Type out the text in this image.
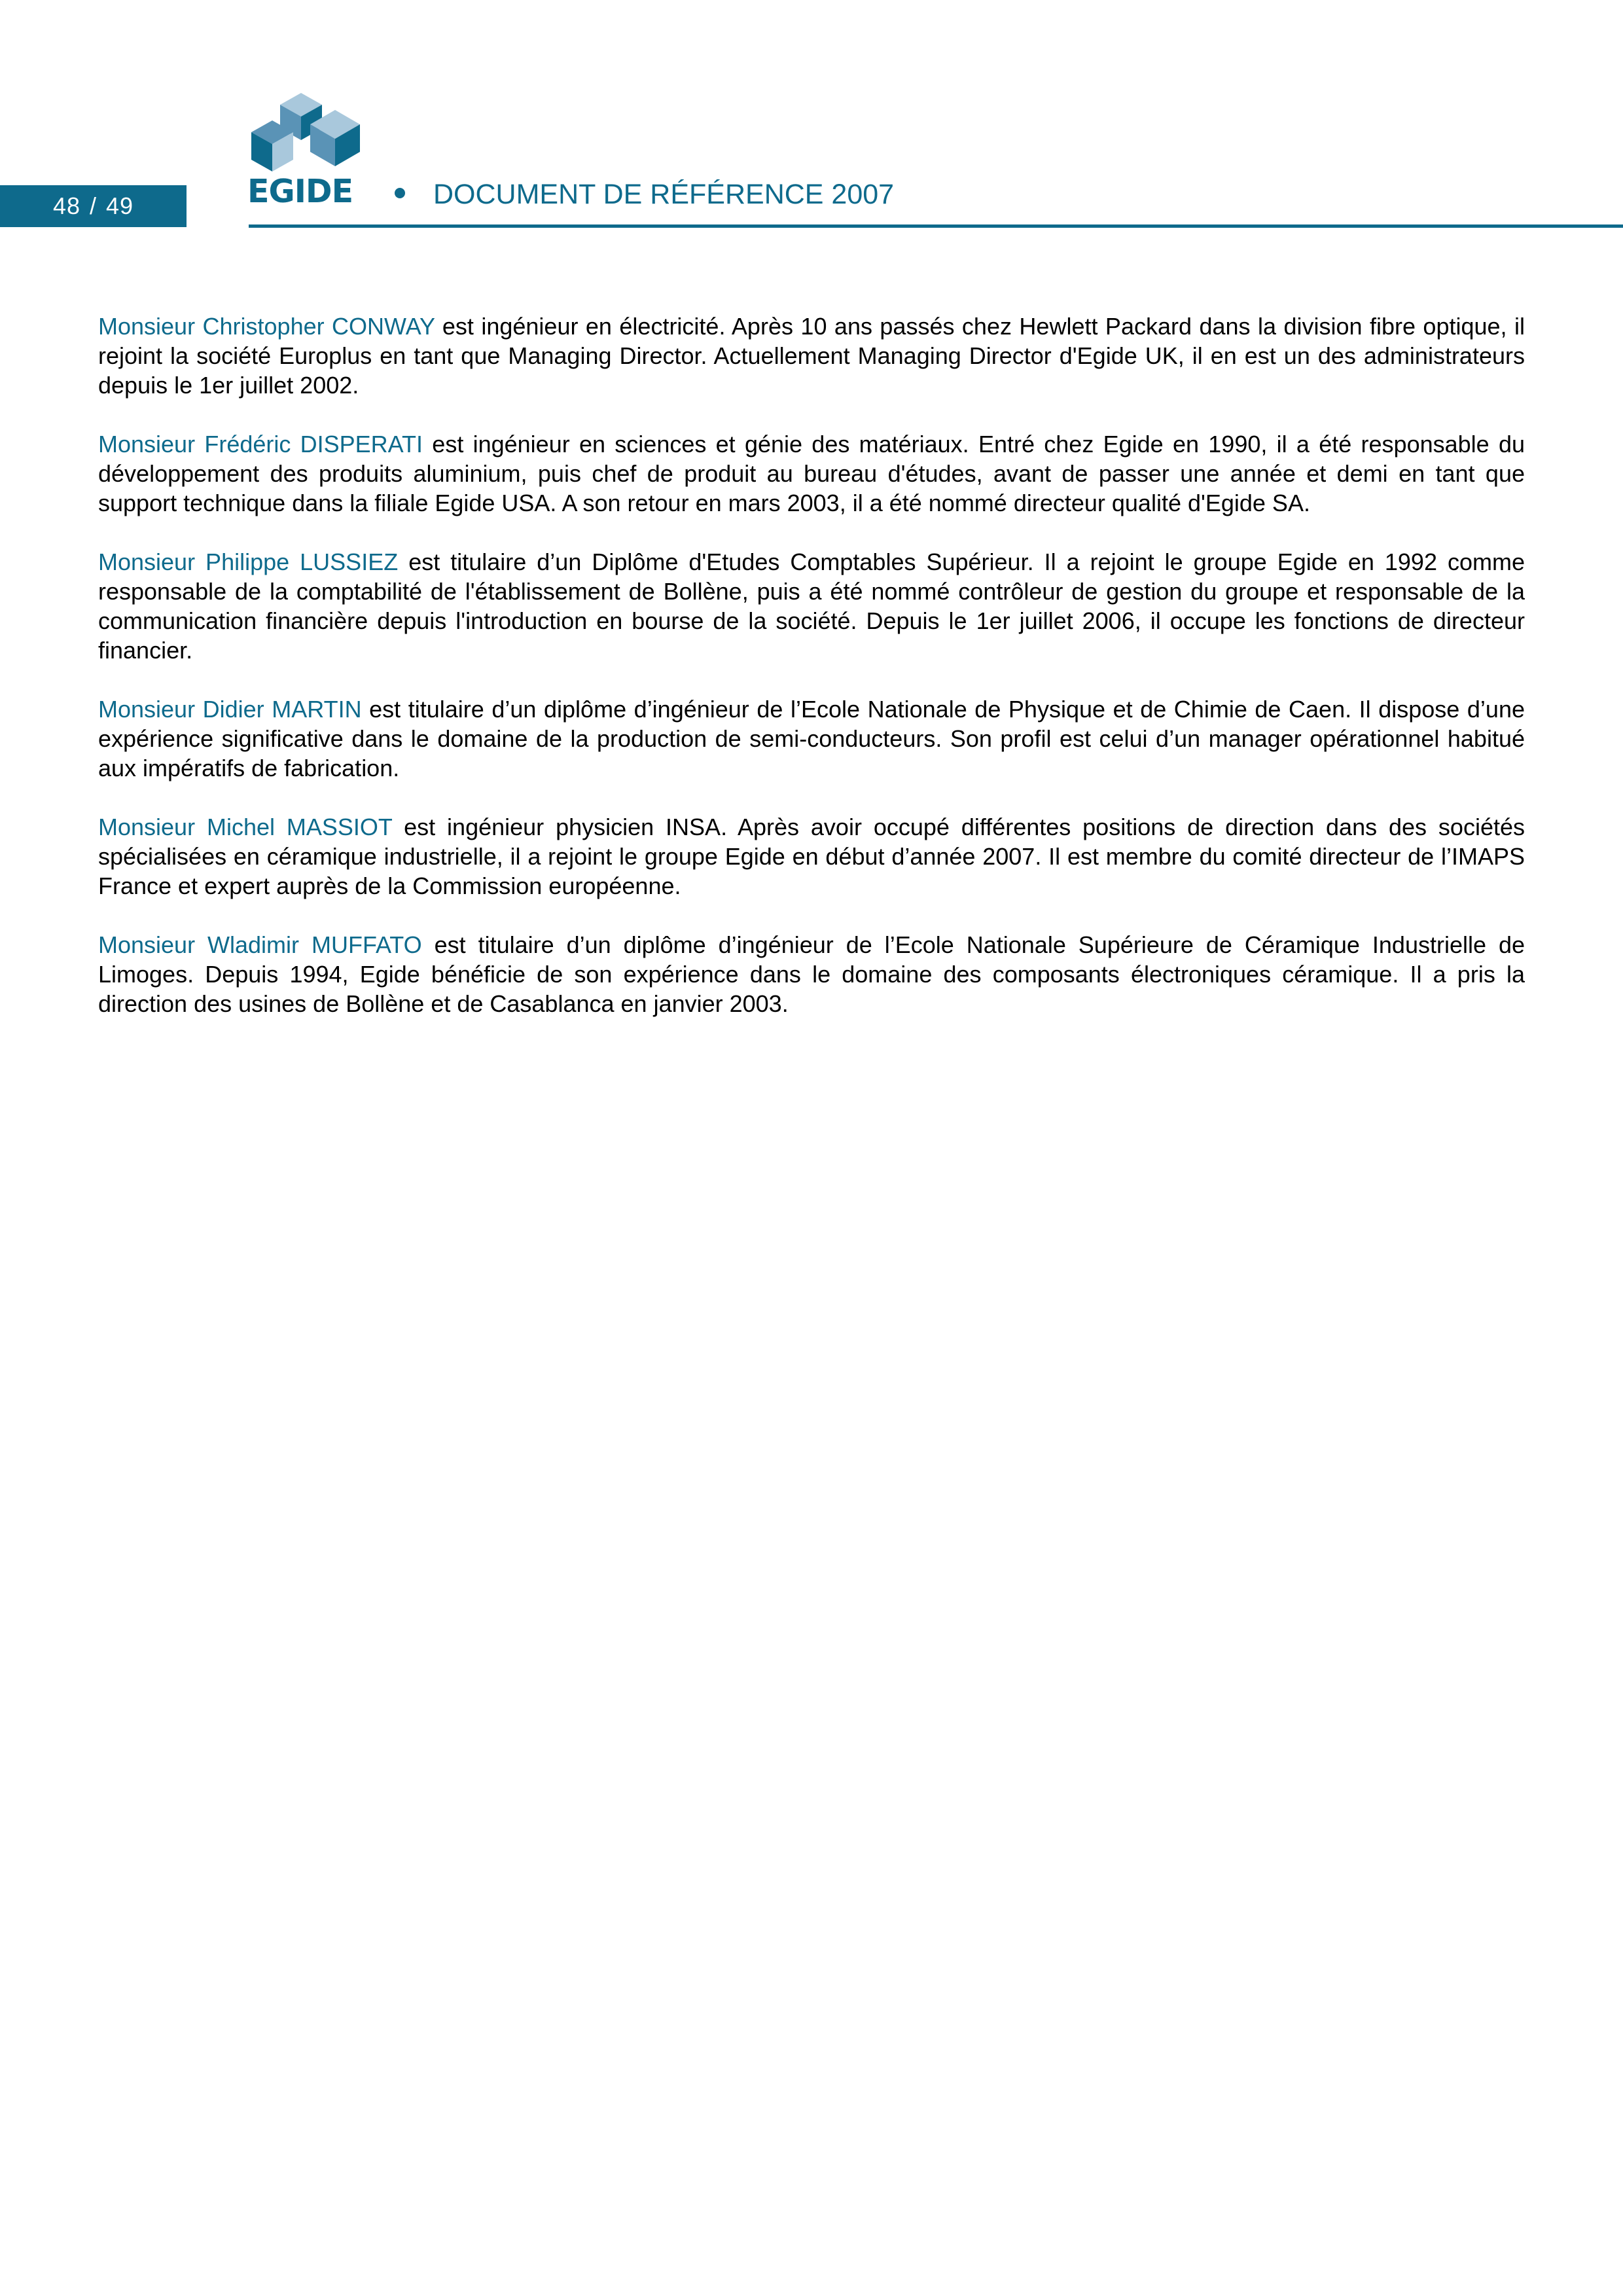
48 / 49	EGIDE	DOCUMENT DE RÉFÉRENCE 2007

Monsieur Christopher CONWAY est ingénieur en électricité. Après 10 ans passés chez Hewlett Packard dans la division fibre optique, il rejoint la société Europlus en tant que Managing Director. Actuellement Managing Director d'Egide UK, il en est un des administrateurs depuis le 1er juillet 2002.

Monsieur Frédéric DISPERATI est ingénieur en sciences et génie des matériaux. Entré chez Egide en 1990, il a été responsable du développement des produits aluminium, puis chef de produit au bureau d'études, avant de passer une année et demi en tant que support technique dans la filiale Egide USA. A son retour en mars 2003, il a été nommé directeur qualité d'Egide SA.

Monsieur Philippe LUSSIEZ est titulaire d’un Diplôme d'Etudes Comptables Supérieur. Il a rejoint le groupe Egide en 1992 comme responsable de la comptabilité de l'établissement de Bollène, puis a été nommé contrôleur de gestion du groupe et responsable de la communication financière depuis l'introduction en bourse de la société. Depuis le 1er juillet 2006, il occupe les fonctions de directeur financier.

Monsieur Didier MARTIN est titulaire d’un diplôme d’ingénieur de l’Ecole Nationale de Physique et de Chimie de Caen. Il dispose d’une expérience significative dans le domaine de la production de semi-conducteurs. Son profil est celui d’un manager opérationnel habitué aux impératifs de fabrication.

Monsieur Michel MASSIOT est ingénieur physicien INSA. Après avoir occupé différentes positions de direction dans des sociétés spécialisées en céramique industrielle, il a rejoint le groupe Egide en début d’année 2007. Il est membre du comité directeur de l’IMAPS France et expert auprès de la Commission européenne.

Monsieur Wladimir MUFFATO est titulaire d’un diplôme d’ingénieur de l’Ecole Nationale Supérieure de Céramique Industrielle de Limoges. Depuis 1994, Egide bénéficie de son expérience dans le domaine des composants électroniques céramique. Il a pris la direction des usines de Bollène et de Casablanca en janvier 2003.
